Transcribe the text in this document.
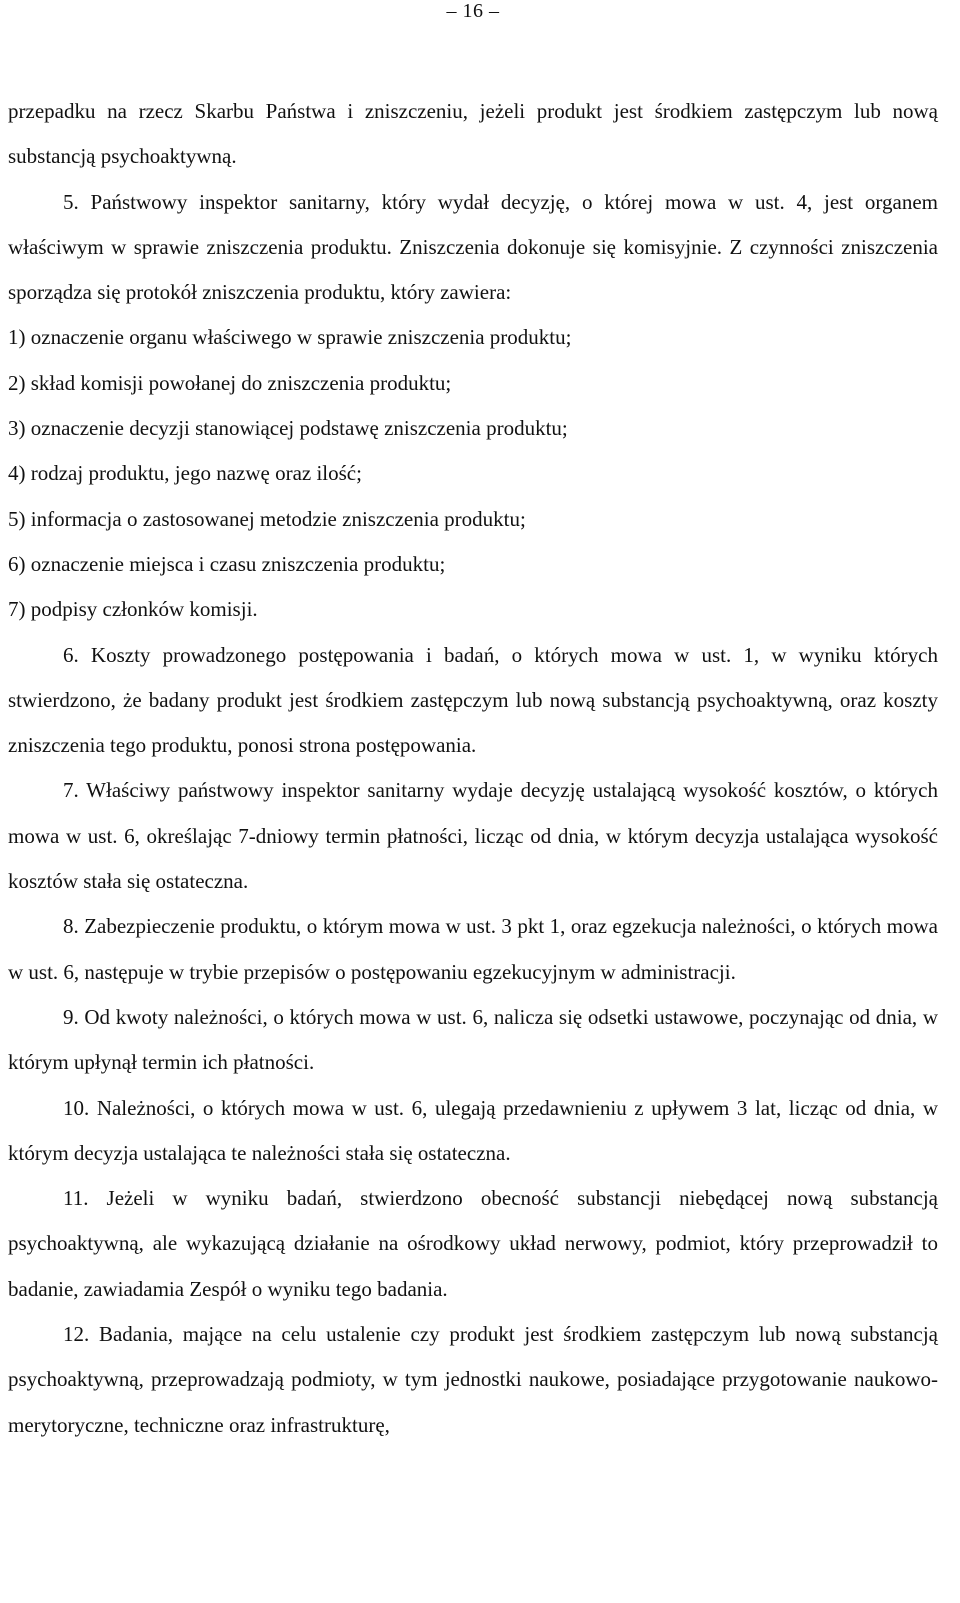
– 16 –

przepadku na rzecz Skarbu Państwa i zniszczeniu, jeżeli produkt jest środkiem zastępczym lub nową substancją psychoaktywną.

5. Państwowy inspektor sanitarny, który wydał decyzję, o której mowa w ust. 4, jest organem właściwym w sprawie zniszczenia produktu. Zniszczenia dokonuje się komisyjnie. Z czynności zniszczenia sporządza się protokół zniszczenia produktu, który zawiera:

1) oznaczenie organu właściwego w sprawie zniszczenia produktu;

2) skład komisji powołanej do zniszczenia produktu;

3) oznaczenie decyzji stanowiącej podstawę zniszczenia produktu;

4) rodzaj produktu, jego nazwę oraz ilość;

5) informacja o zastosowanej metodzie zniszczenia produktu;

6) oznaczenie miejsca i czasu zniszczenia produktu;

7) podpisy członków komisji.

6. Koszty prowadzonego postępowania i badań, o których mowa w ust. 1, w wyniku których stwierdzono, że badany produkt jest środkiem zastępczym lub nową substancją psychoaktywną, oraz koszty zniszczenia tego produktu, ponosi strona postępowania.

7. Właściwy państwowy inspektor sanitarny wydaje decyzję ustalającą wysokość kosztów, o których mowa w ust. 6, określając 7-dniowy termin płatności, licząc od dnia, w którym decyzja ustalająca wysokość kosztów stała się ostateczna.

8. Zabezpieczenie produktu, o którym mowa w ust. 3 pkt 1, oraz egzekucja należności, o których mowa w ust. 6, następuje w trybie przepisów o postępowaniu egzekucyjnym w administracji.

9. Od kwoty należności, o których mowa w ust. 6, nalicza się odsetki ustawowe, poczynając od dnia, w którym upłynął termin ich płatności.

10. Należności, o których mowa w ust. 6, ulegają przedawnieniu z upływem 3 lat, licząc od dnia, w którym decyzja ustalająca te należności stała się ostateczna.

11. Jeżeli w wyniku badań, stwierdzono obecność substancji niebędącej nową substancją psychoaktywną, ale wykazującą działanie na ośrodkowy układ nerwowy, podmiot, który przeprowadził to badanie, zawiadamia Zespół o wyniku tego badania.

12. Badania, mające na celu ustalenie czy produkt jest środkiem zastępczym lub nową substancją psychoaktywną, przeprowadzają podmioty, w tym jednostki naukowe, posiadające przygotowanie naukowo-merytoryczne, techniczne oraz infrastrukturę,
